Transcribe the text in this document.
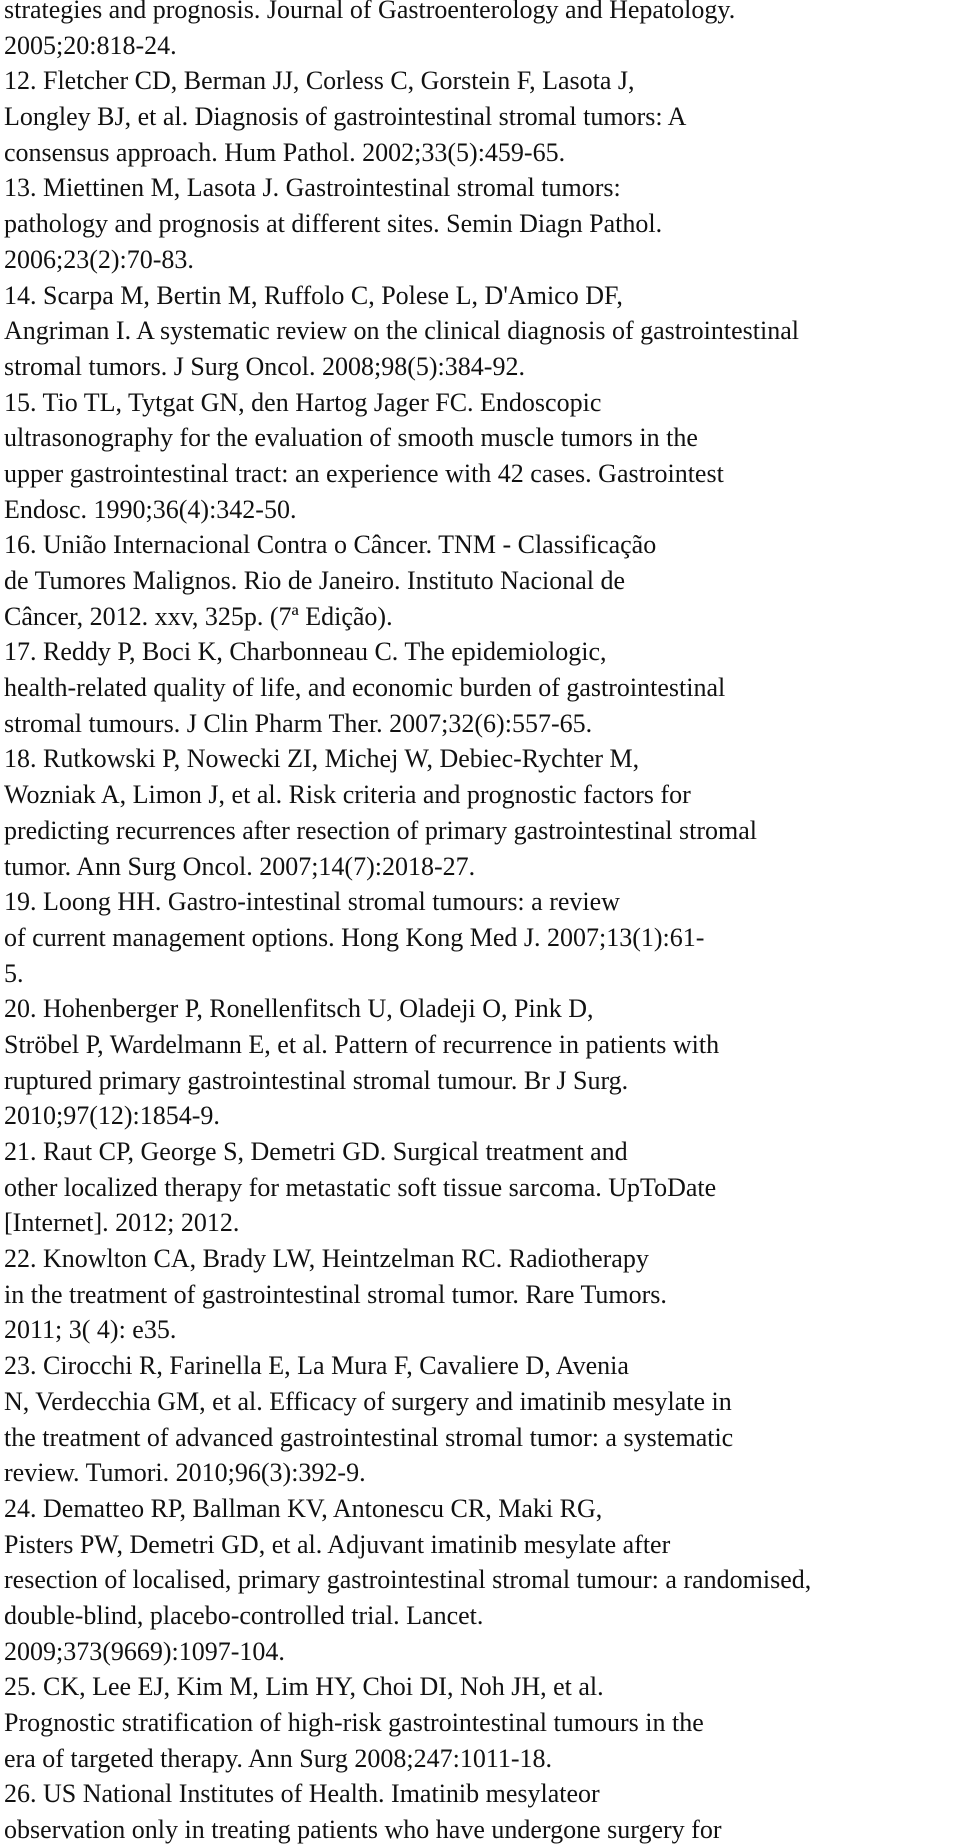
strategies and prognosis. Journal of Gastroenterology and Hepatology.
2005;20:818-24.
12. Fletcher CD, Berman JJ, Corless C, Gorstein F, Lasota J,
Longley BJ, et al. Diagnosis of gastrointestinal stromal tumors: A
consensus approach. Hum Pathol. 2002;33(5):459-65.
13. Miettinen M, Lasota J. Gastrointestinal stromal tumors:
pathology and prognosis at different sites. Semin Diagn Pathol.
2006;23(2):70-83.
14. Scarpa M, Bertin M, Ruffolo C, Polese L, D'Amico DF,
Angriman I. A systematic review on the clinical diagnosis of gastrointestinal
stromal tumors. J Surg Oncol. 2008;98(5):384-92.
15. Tio TL, Tytgat GN, den Hartog Jager FC. Endoscopic
ultrasonography for the evaluation of smooth muscle tumors in the
upper gastrointestinal tract: an experience with 42 cases. Gastrointest
Endosc. 1990;36(4):342-50.
16. União Internacional Contra o Câncer. TNM - Classificação
de Tumores Malignos. Rio de Janeiro. Instituto Nacional de
Câncer, 2012. xxv, 325p. (7ª Edição).
17. Reddy P, Boci K, Charbonneau C. The epidemiologic,
health-related quality of life, and economic burden of gastrointestinal
stromal tumours. J Clin Pharm Ther. 2007;32(6):557-65.
18. Rutkowski P, Nowecki ZI, Michej W, Debiec-Rychter M,
Wozniak A, Limon J, et al. Risk criteria and prognostic factors for
predicting recurrences after resection of primary gastrointestinal stromal
tumor. Ann Surg Oncol. 2007;14(7):2018-27.
19. Loong HH. Gastro-intestinal stromal tumours: a review
of current management options. Hong Kong Med J. 2007;13(1):61-
5.
20. Hohenberger P, Ronellenfitsch U, Oladeji O, Pink D,
Ströbel P, Wardelmann E, et al. Pattern of recurrence in patients with
ruptured primary gastrointestinal stromal tumour. Br J Surg.
2010;97(12):1854-9.
21. Raut CP, George S, Demetri GD. Surgical treatment and
other localized therapy for metastatic soft tissue sarcoma. UpToDate
[Internet]. 2012; 2012.
22. Knowlton CA, Brady LW, Heintzelman RC. Radiotherapy
in the treatment of gastrointestinal stromal tumor. Rare Tumors.
2011; 3( 4): e35.
23. Cirocchi R, Farinella E, La Mura F, Cavaliere D, Avenia
N, Verdecchia GM, et al. Efficacy of surgery and imatinib mesylate in
the treatment of advanced gastrointestinal stromal tumor: a systematic
review. Tumori. 2010;96(3):392-9.
24. Dematteo RP, Ballman KV, Antonescu CR, Maki RG,
Pisters PW, Demetri GD, et al. Adjuvant imatinib mesylate after
resection of localised, primary gastrointestinal stromal tumour: a randomised,
double-blind, placebo-controlled trial. Lancet.
2009;373(9669):1097-104.
25. CK, Lee EJ, Kim M, Lim HY, Choi DI, Noh JH, et al.
Prognostic stratification of high-risk gastrointestinal tumours in the
era of targeted therapy. Ann Surg 2008;247:1011-18.
26. US National Institutes of Health. Imatinib mesylateor
observation only in treating patients who have undergone surgery for
